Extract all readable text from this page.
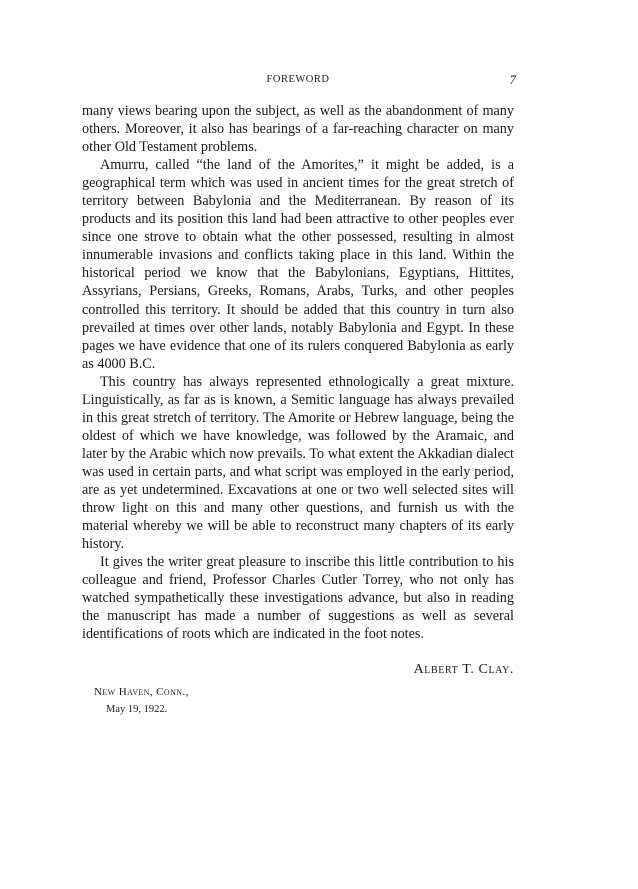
FOREWORD	7

many views bearing upon the subject, as well as the abandonment of many others. Moreover, it also has bearings of a far-reaching character on many other Old Testament problems.

Amurru, called “the land of the Amorites,” it might be added, is a geographical term which was used in ancient times for the great stretch of territory between Babylonia and the Mediterranean. By reason of its products and its position this land had been attractive to other peoples ever since one strove to obtain what the other possessed, resulting in almost innumerable invasions and conflicts taking place in this land. Within the historical period we know that the Babylonians, Egyptians, Hittites, Assyrians, Persians, Greeks, Romans, Arabs, Turks, and other peoples controlled this territory. It should be added that this country in turn also prevailed at times over other lands, notably Babylonia and Egypt. In these pages we have evidence that one of its rulers conquered Babylonia as early as 4000 B.C.

This country has always represented ethnologically a great mixture. Linguistically, as far as is known, a Semitic language has always prevailed in this great stretch of territory. The Amorite or Hebrew language, being the oldest of which we have knowledge, was followed by the Aramaic, and later by the Arabic which now prevails. To what extent the Akkadian dialect was used in certain parts, and what script was employed in the early period, are as yet undetermined. Excavations at one or two well selected sites will throw light on this and many other questions, and furnish us with the material whereby we will be able to reconstruct many chapters of its early history.

It gives the writer great pleasure to inscribe this little contribution to his colleague and friend, Professor Charles Cutler Torrey, who not only has watched sympathetically these investigations advance, but also in reading the manuscript has made a number of suggestions as well as several identifications of roots which are indicated in the foot notes.

Albert T. Clay.
New Haven, Conn.,
May 19, 1922.
